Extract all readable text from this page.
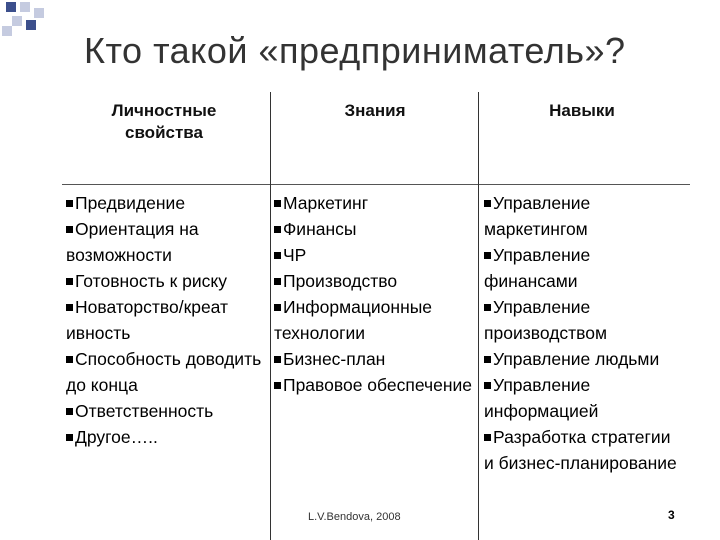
Кто такой «предприниматель»?
Личностные свойства
Знания	Навыки
Предвидение
Ориентация на возможности
Готовность к риску
Новаторство/креат ивность
Способность доводить до конца
Ответственность
Другое…..
Маркетинг
Финансы
ЧР
Производство
Информационные технологии
Бизнес-план
Правовое обеспечение
Управление маркетингом
Управление финансами
Управление производством
Управление людьми
Управление информацией
Разработка стратегии и бизнес-планирование
L.V.Bendova, 2008	3
